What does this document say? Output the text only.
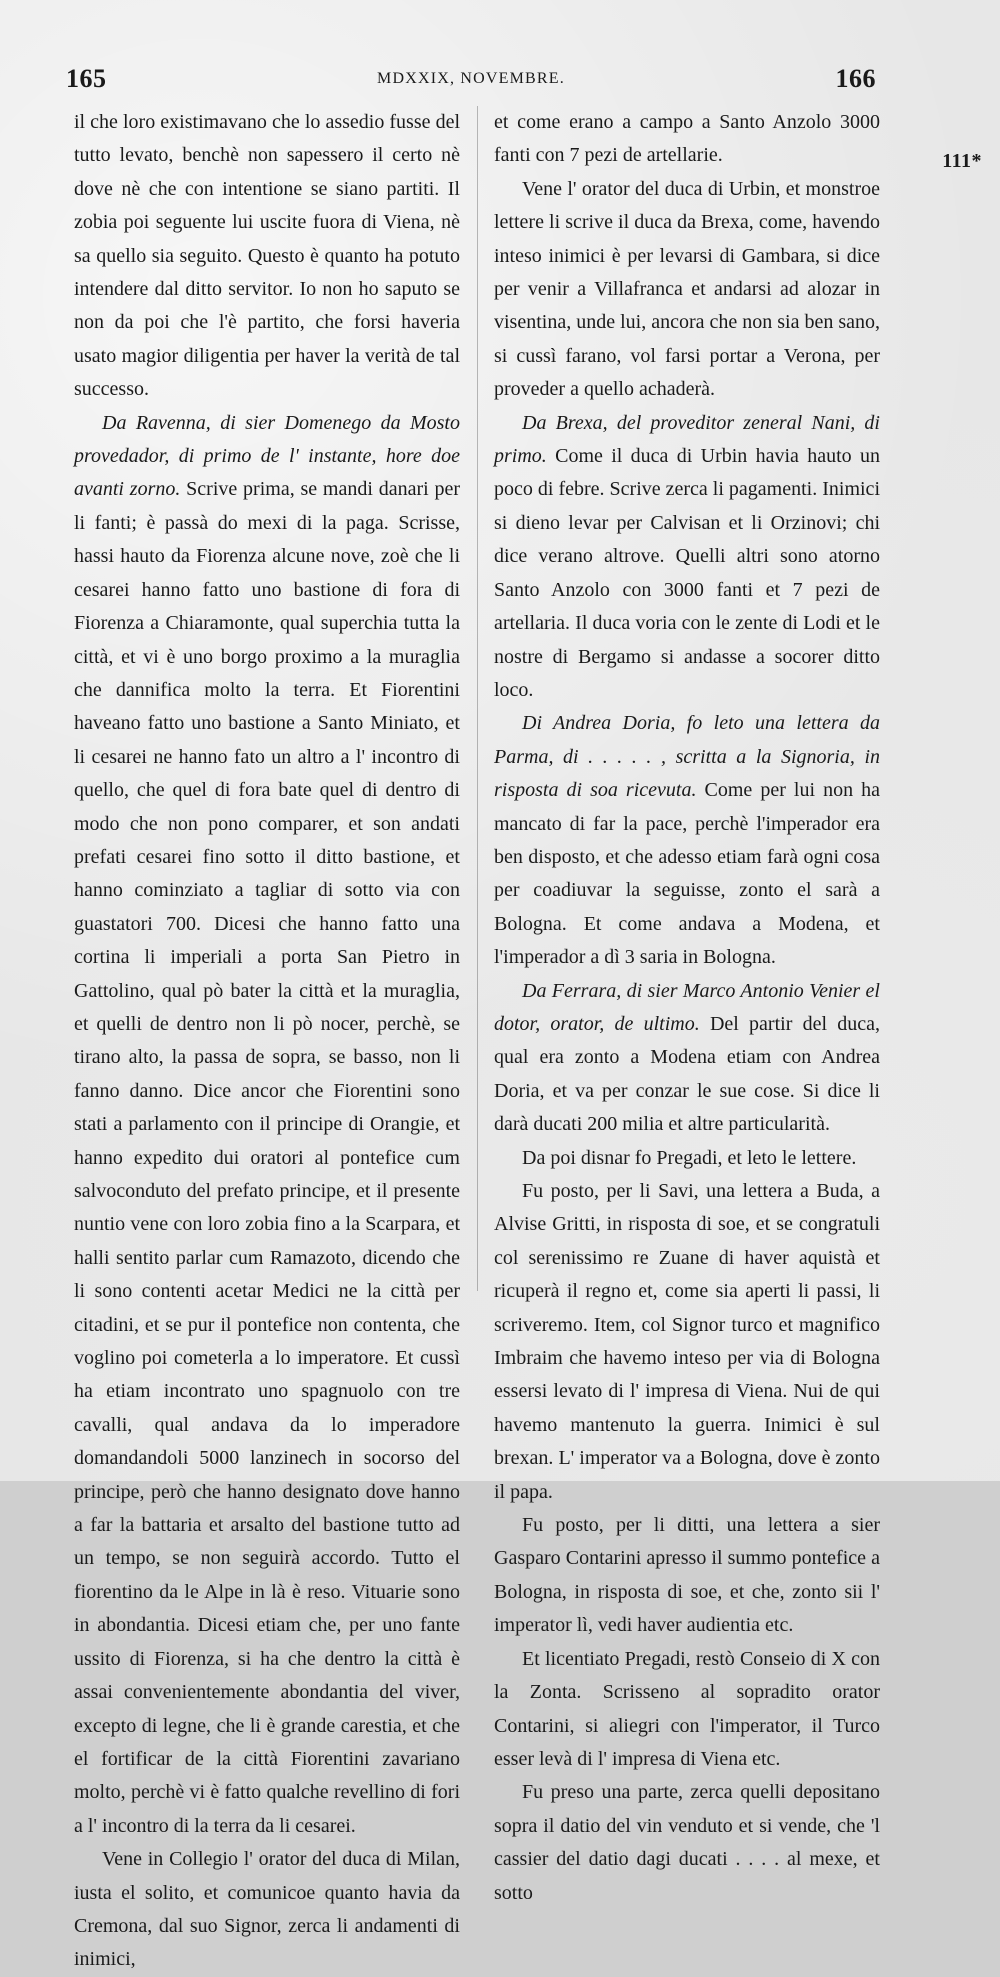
165	MDXXIX, NOVEMBRE.	166
111*

il che loro existimavano che lo assedio fusse del tutto levato, benchè non sapessero il certo nè dove nè che con intentione se siano partiti. Il zobia poi seguente lui uscite fuora di Viena, nè sa quello sia seguito. Questo è quanto ha potuto intendere dal ditto servitor. Io non ho saputo se non da poi che l'è partito, che forsi haveria usato magior diligentia per haver la verità de tal successo.

Da Ravenna, di sier Domenego da Mosto provedador, di primo de l' instante, hore doe avanti zorno. Scrive prima, se mandi danari per li fanti; è passà do mexi di la paga. Scrisse, hassi hauto da Fiorenza alcune nove, zoè che li cesarei hanno fatto uno bastione di fora di Fiorenza a Chiaramonte, qual superchia tutta la città, et vi è uno borgo proximo a la muraglia che dannifica molto la terra. Et Fiorentini haveano fatto uno bastione a Santo Miniato, et li cesarei ne hanno fato un altro a l' incontro di quello, che quel di fora bate quel di dentro di modo che non pono comparer, et son andati prefati cesarei fino sotto il ditto bastione, et hanno cominziato a tagliar di sotto via con guastatori 700. Dicesi che hanno fatto una cortina li imperiali a porta San Pietro in Gattolino, qual pò bater la città et la muraglia, et quelli de dentro non li pò nocer, perchè, se tirano alto, la passa de sopra, se basso, non li fanno danno. Dice ancor che Fiorentini sono stati a parlamento con il principe di Orangie, et hanno expedito dui oratori al pontefice cum salvoconduto del prefato principe, et il presente nuntio vene con loro zobia fino a la Scarpara, et halli sentito parlar cum Ramazoto, dicendo che li sono contenti acetar Medici ne la città per citadini, et se pur il pontefice non contenta, che voglino poi cometerla a lo imperatore. Et cussì ha etiam incontrato uno spagnuolo con tre cavalli, qual andava da lo imperadore domandandoli 5000 lanzinech in socorso del principe, però che hanno designato dove hanno a far la battaria et arsalto del bastione tutto ad un tempo, se non seguirà accordo. Tutto el fiorentino da le Alpe in là è reso. Vituarie sono in abondantia. Dicesi etiam che, per uno fante ussito di Fiorenza, si ha che dentro la città è assai convenientemente abondantia del viver, excepto di legne, che li è grande carestia, et che el fortificar de la città Fiorentini zavariano molto, perchè vi è fatto qualche revellino di fori a l' incontro di la terra da li cesarei.

Vene in Collegio l' orator del duca di Milan, iusta el solito, et comunicoe quanto havia da Cremona, dal suo Signor, zerca li andamenti di inimici,

et come erano a campo a Santo Anzolo 3000 fanti con 7 pezi de artellarie.

Vene l' orator del duca di Urbin, et monstroe lettere li scrive il duca da Brexa, come, havendo inteso inimici è per levarsi di Gambara, si dice per venir a Villafranca et andarsi ad alozar in visentina, unde lui, ancora che non sia ben sano, si cussì farano, vol farsi portar a Verona, per proveder a quello achaderà.

Da Brexa, del proveditor zeneral Nani, di primo. Come il duca di Urbin havia hauto un poco di febre. Scrive zerca li pagamenti. Inimici si dieno levar per Calvisan et li Orzinovi; chi dice verano altrove. Quelli altri sono atorno Santo Anzolo con 3000 fanti et 7 pezi de artellaria. Il duca voria con le zente di Lodi et le nostre di Bergamo si andasse a socorer ditto loco.

Di Andrea Doria, fo leto una lettera da Parma, di . . . . . , scritta a la Signoria, in risposta di soa ricevuta. Come per lui non ha mancato di far la pace, perchè l'imperador era ben disposto, et che adesso etiam farà ogni cosa per coadiuvar la seguisse, zonto el sarà a Bologna. Et come andava a Modena, et l'imperador a dì 3 saria in Bologna.

Da Ferrara, di sier Marco Antonio Venier el dotor, orator, de ultimo. Del partir del duca, qual era zonto a Modena etiam con Andrea Doria, et va per conzar le sue cose. Si dice li darà ducati 200 milia et altre particularità.

Da poi disnar fo Pregadi, et leto le lettere.

Fu posto, per li Savi, una lettera a Buda, a Alvise Gritti, in risposta di soe, et se congratuli col serenissimo re Zuane di haver aquistà et ricuperà il regno et, come sia aperti li passi, li scriveremo. Item, col Signor turco et magnifico Imbraim che havemo inteso per via di Bologna essersi levato di l' impresa di Viena. Nui de qui havemo mantenuto la guerra. Inimici è sul brexan. L' imperator va a Bologna, dove è zonto il papa.

Fu posto, per li ditti, una lettera a sier Gasparo Contarini apresso il summo pontefice a Bologna, in risposta di soe, et che, zonto sii l' imperator lì, vedi haver audientia etc.

Et licentiato Pregadi, restò Conseio di X con la Zonta. Scrisseno al sopradito orator Contarini, si aliegri con l'imperator, il Turco esser levà di l' impresa di Viena etc.

Fu preso una parte, zerca quelli depositano sopra il datio del vin venduto et si vende, che 'l cassier del datio dagi ducati . . . . al mexe, et sotto
